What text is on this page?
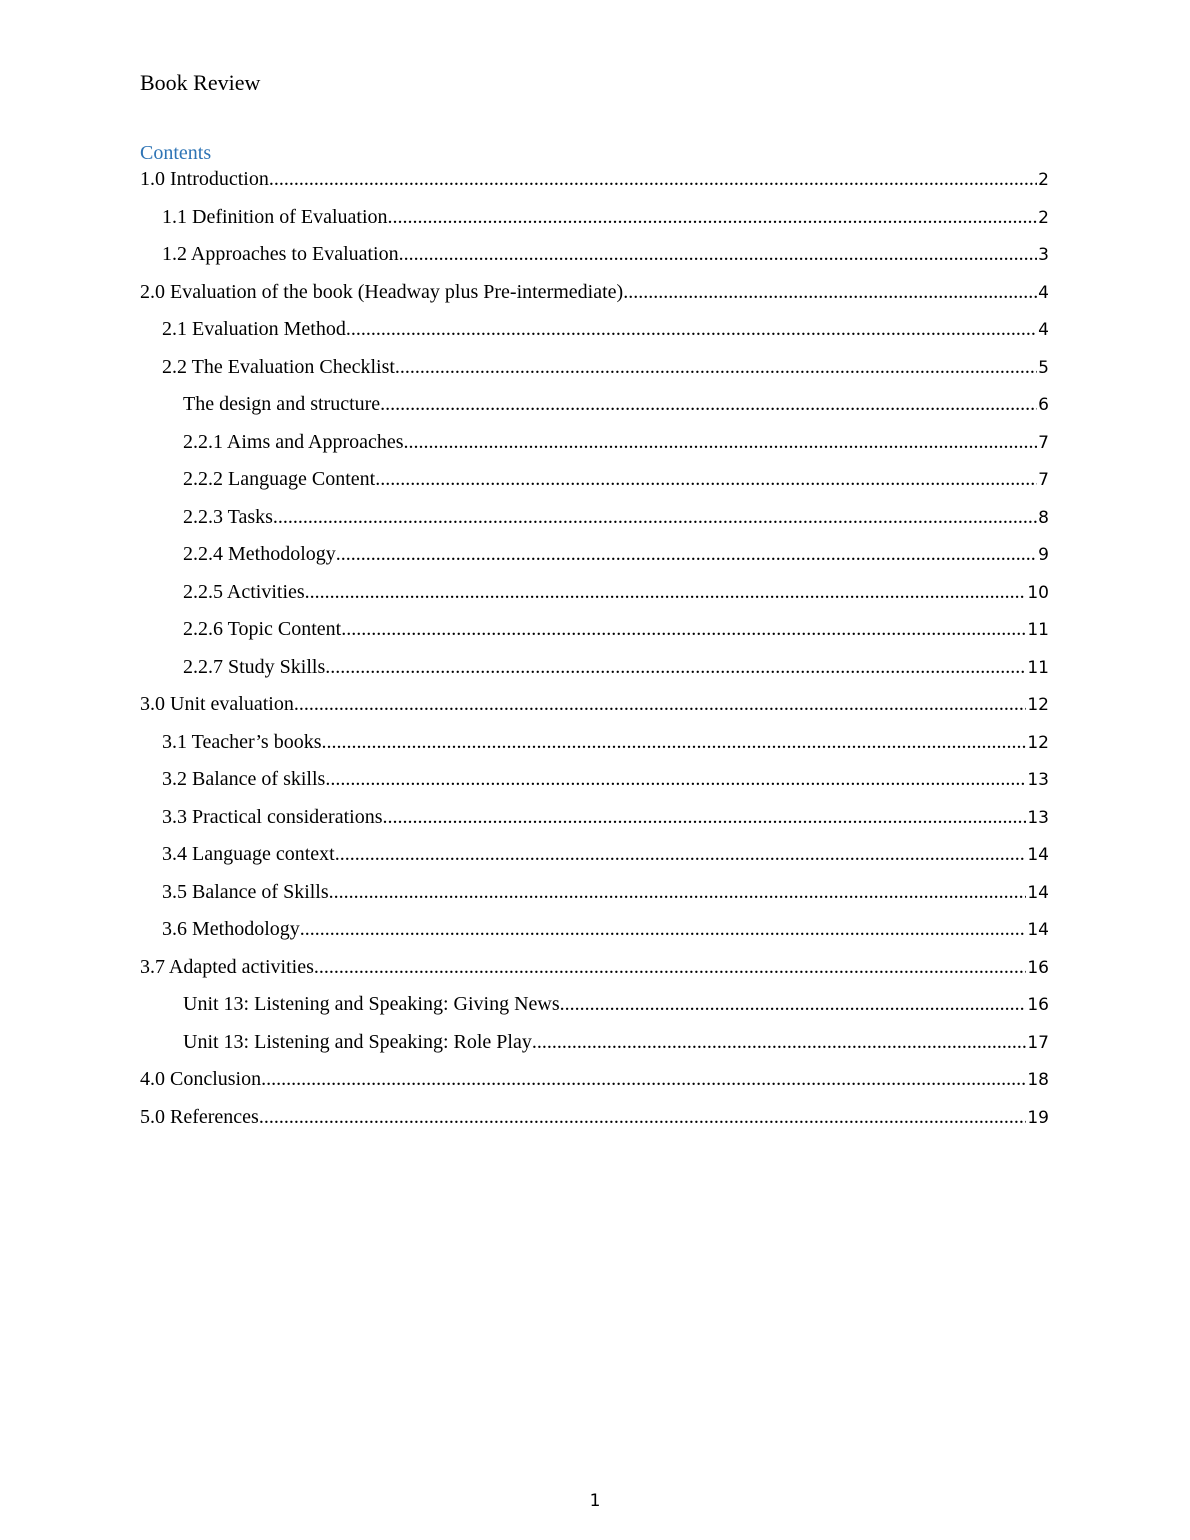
Book Review
Contents
1.0 Introduction .....	2
1.1 Definition of Evaluation .....	2
1.2 Approaches to Evaluation .....	3
2.0 Evaluation of the book (Headway plus Pre-intermediate) .....	4
2.1 Evaluation Method .....	4
2.2 The Evaluation Checklist .....	5
The design and structure .....	6
2.2.1 Aims and Approaches .....	7
2.2.2 Language Content .....	7
2.2.3 Tasks .....	8
2.2.4 Methodology .....	9
2.2.5 Activities .....	10
2.2.6 Topic Content .....	11
2.2.7 Study Skills .....	11
3.0 Unit evaluation .....	12
3.1 Teacher’s books .....	12
3.2 Balance of skills .....	13
3.3 Practical considerations .....	13
3.4 Language context .....	14
3.5 Balance of Skills .....	14
3.6 Methodology .....	14
3.7 Adapted activities .....	16
Unit 13: Listening and Speaking: Giving News .....	16
Unit 13: Listening and Speaking: Role Play .....	17
4.0 Conclusion .....	18
5.0 References .....	19
1
